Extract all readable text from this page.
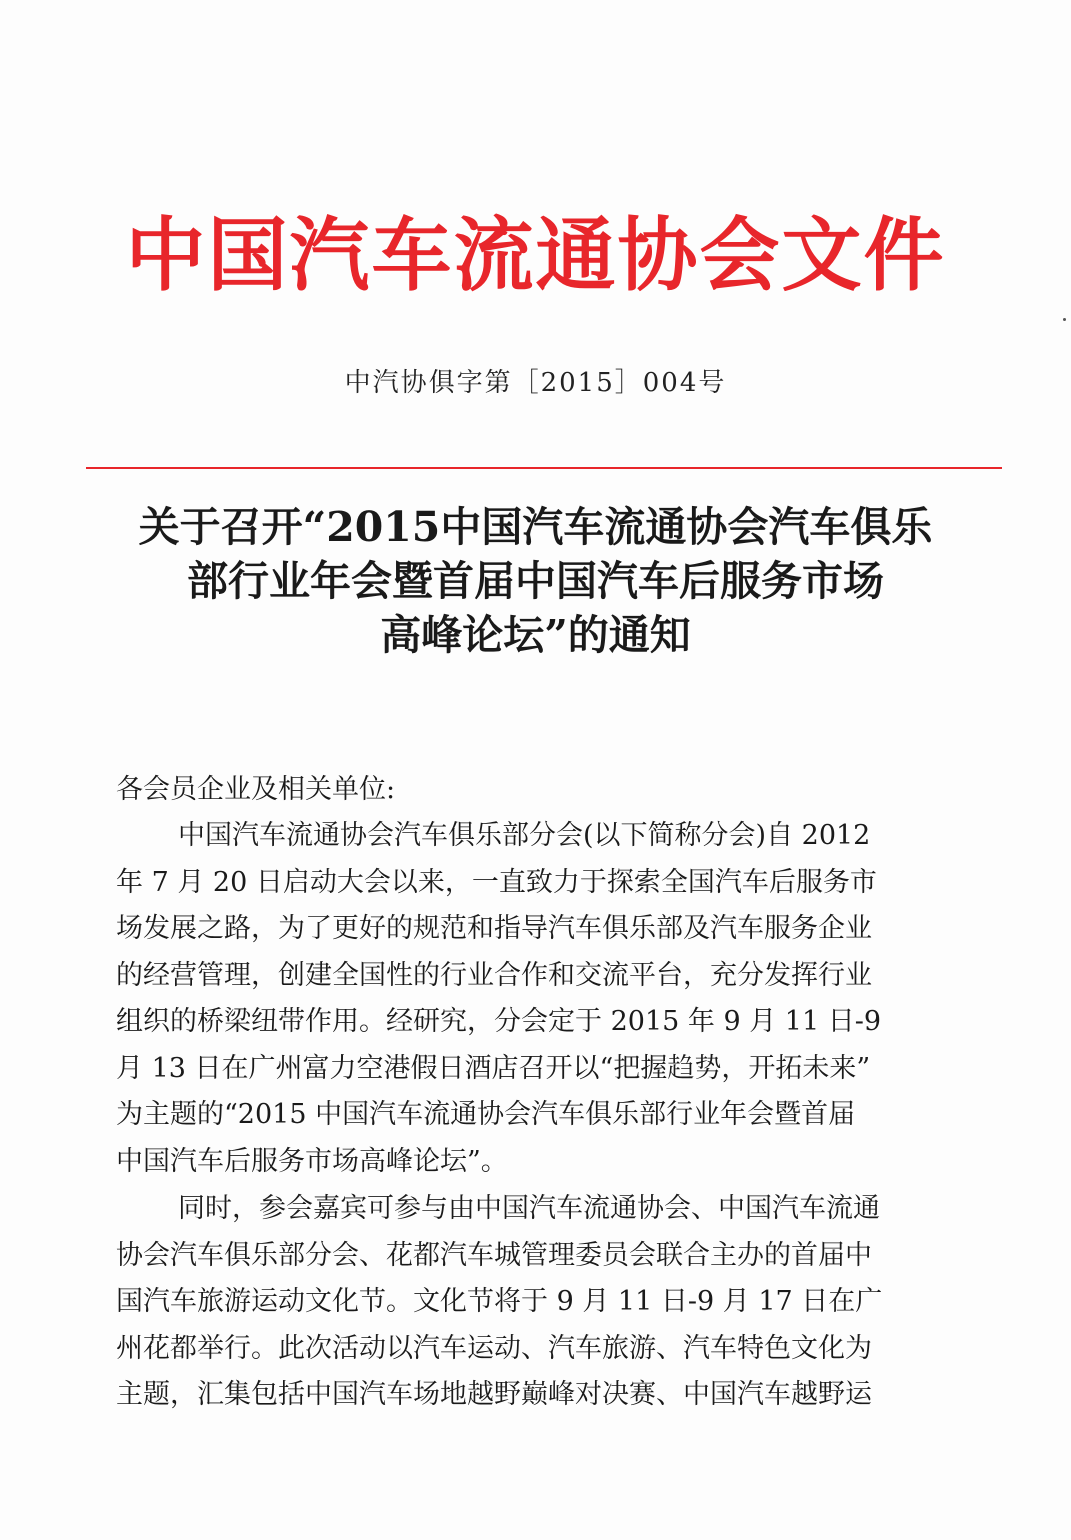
中国汽车流通协会文件
中汽协俱字第［2015］004号
关于召开“2015中国汽车流通协会汽车俱乐
部行业年会暨首届中国汽车后服务市场
高峰论坛”的通知
各会员企业及相关单位:
中国汽车流通协会汽车俱乐部分会(以下简称分会)自 2012
年 7 月 20 日启动大会以来，一直致力于探索全国汽车后服务市
场发展之路，为了更好的规范和指导汽车俱乐部及汽车服务企业
的经营管理，创建全国性的行业合作和交流平台，充分发挥行业
组织的桥梁纽带作用。经研究，分会定于 2015 年 9 月 11 日-9
月 13 日在广州富力空港假日酒店召开以“把握趋势，开拓未来”
为主题的“2015 中国汽车流通协会汽车俱乐部行业年会暨首届
中国汽车后服务市场高峰论坛”。
同时，参会嘉宾可参与由中国汽车流通协会、中国汽车流通
协会汽车俱乐部分会、花都汽车城管理委员会联合主办的首届中
国汽车旅游运动文化节。文化节将于 9 月 11 日-9 月 17 日在广
州花都举行。此次活动以汽车运动、汽车旅游、汽车特色文化为
主题，汇集包括中国汽车场地越野巅峰对决赛、中国汽车越野运
